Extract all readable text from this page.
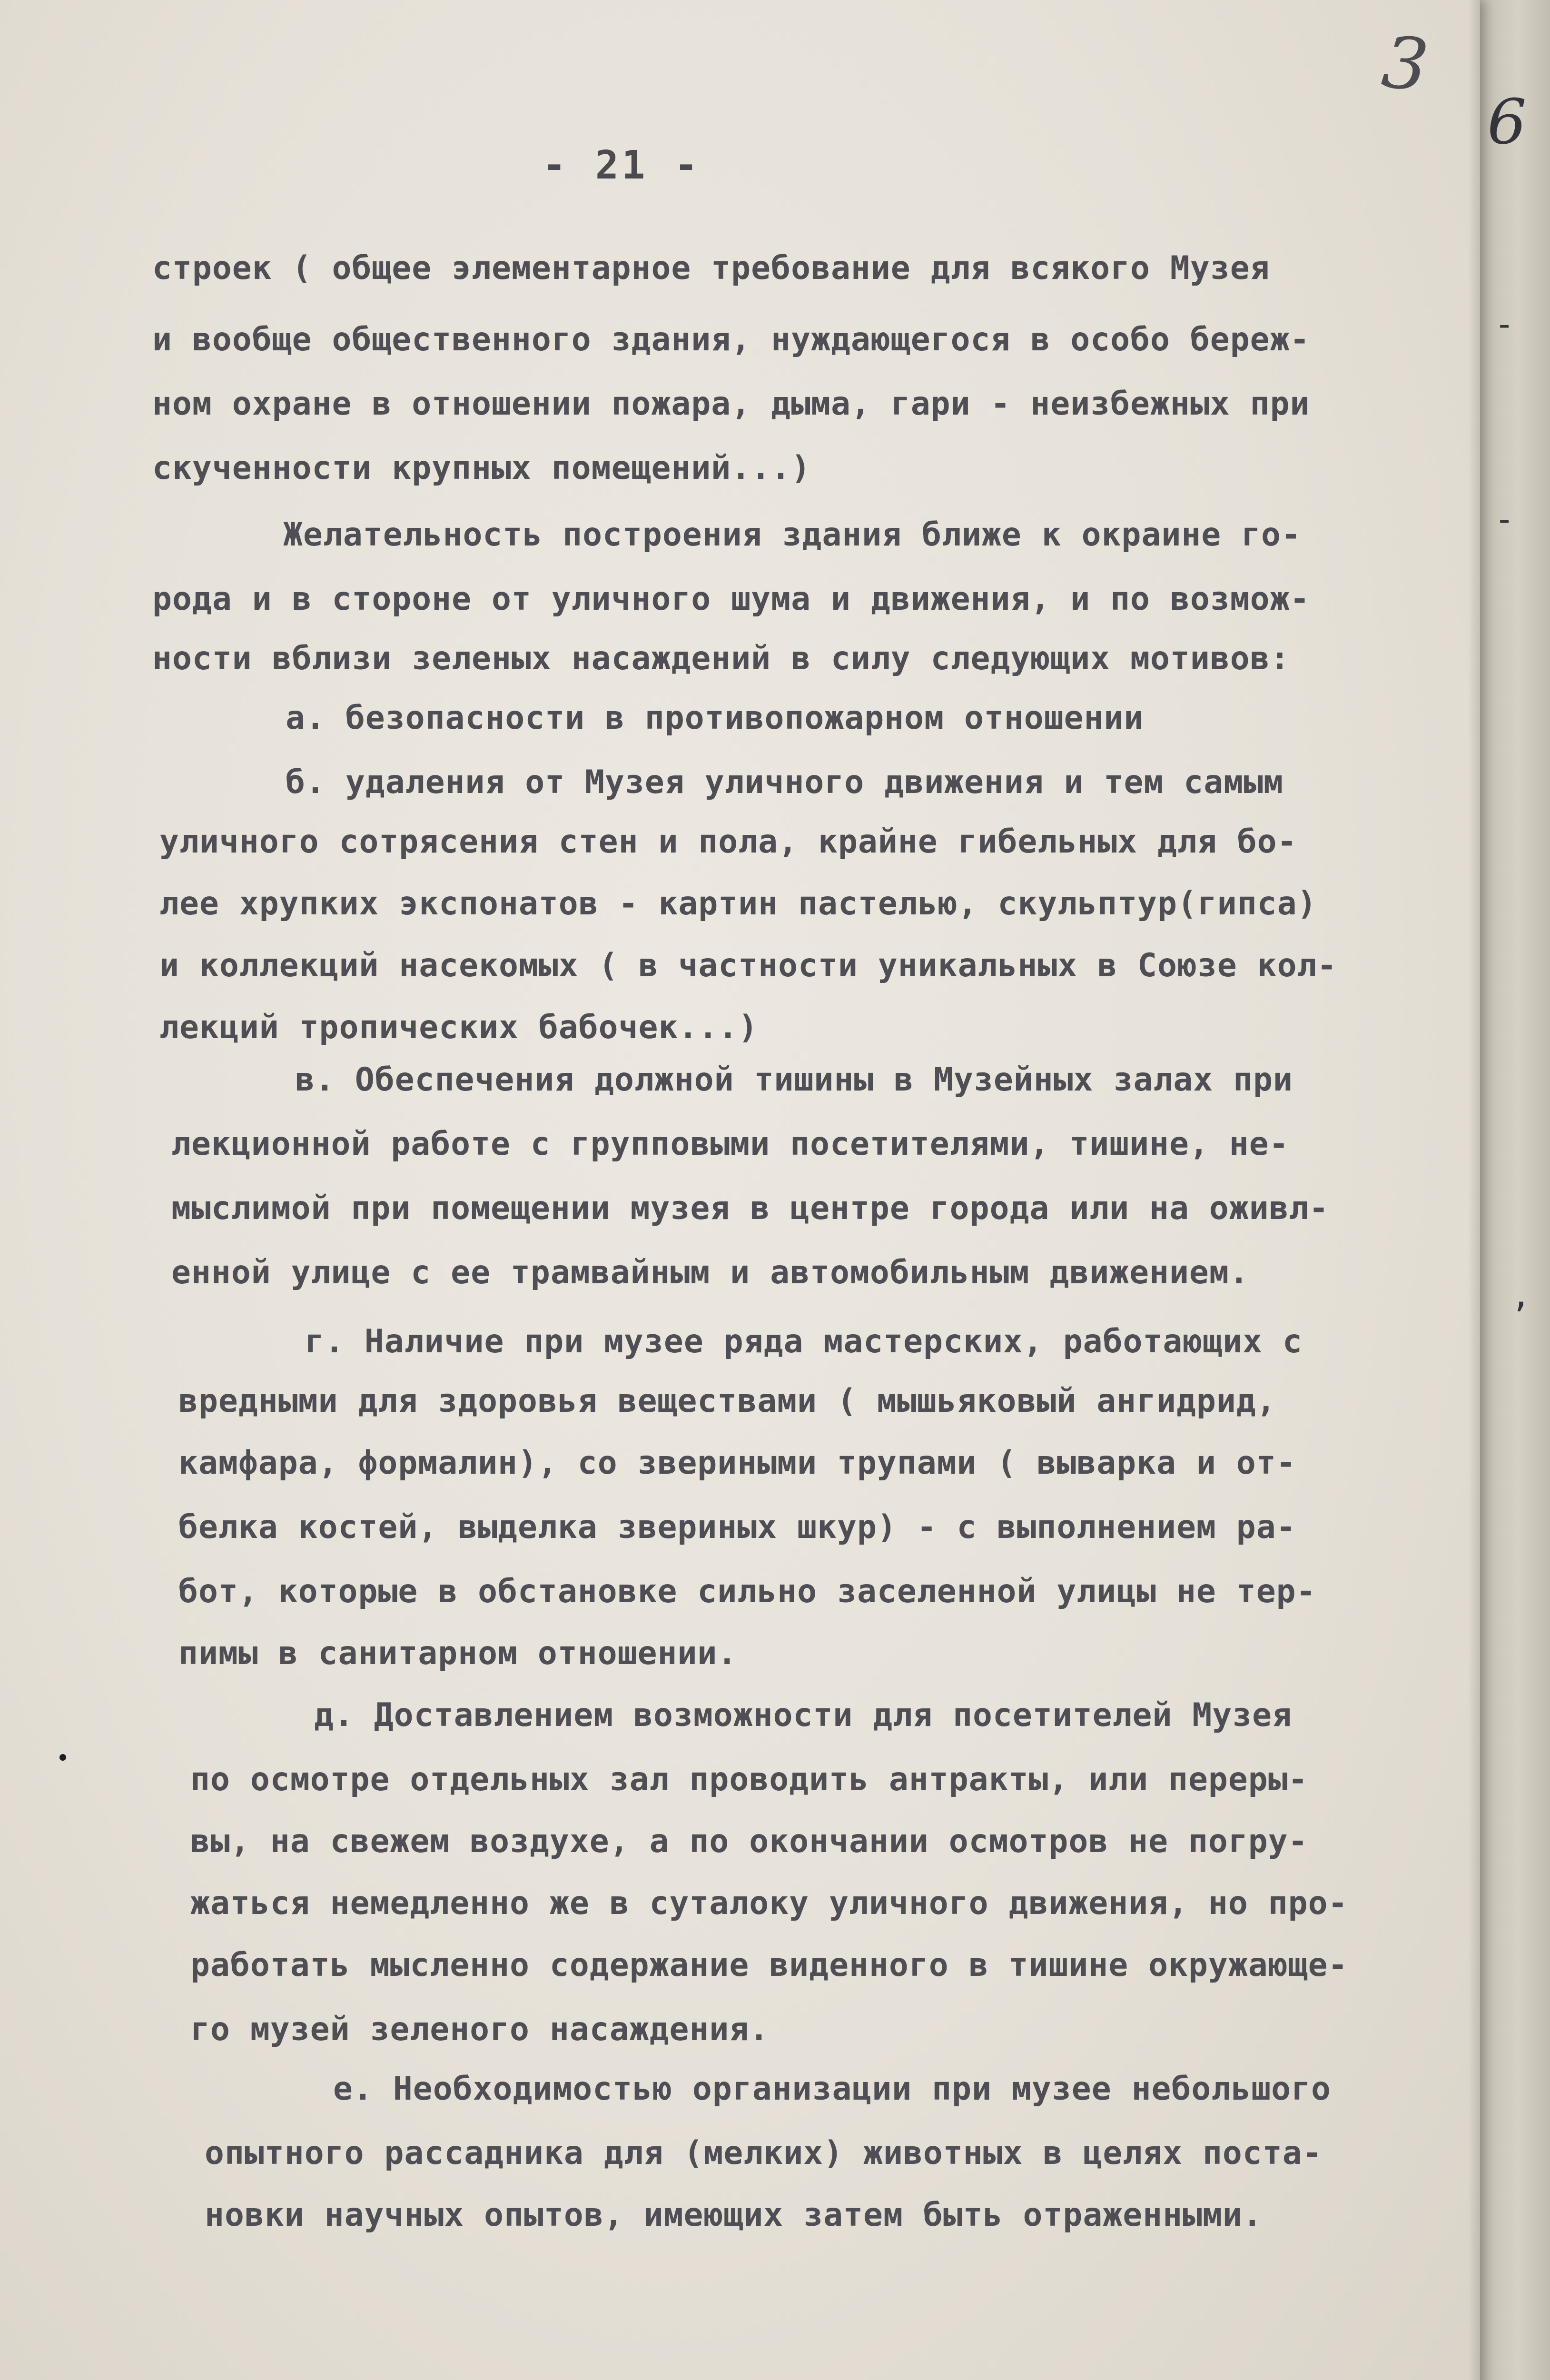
6
-
-
,
3
- 21 -
строек ( общее элементарное требование для всякого Музея
и вообще общественного здания, нуждающегося в особо береж-
ном охране в отношении пожара, дыма, гари - неизбежных при
скученности крупных помещений...)
Желательность построения здания ближе к окраине го-
рода и в стороне от уличного шума и движения, и по возмож-
ности вблизи зеленых насаждений в силу следующих мотивов:
а. безопасности в противопожарном отношении
б. удаления от Музея уличного движения и тем самым
уличного сотрясения стен и пола, крайне гибельных для бо-
лее хрупких экспонатов - картин пастелью, скульптур(гипса)
и коллекций насекомых ( в частности уникальных в Союзе кол-
лекций тропических бабочек...)
в. Обеспечения должной тишины в Музейных залах при
лекционной работе с групповыми посетителями, тишине, не-
мыслимой при помещении музея в центре города или на оживл-
енной улице с ее трамвайным и автомобильным движением.
г. Наличие при музее ряда мастерских, работающих с
вредными для здоровья веществами ( мышьяковый ангидрид,
камфара, формалин), со звериными трупами ( выварка и от-
белка костей, выделка звериных шкур) - с выполнением ра-
бот, которые в обстановке сильно заселенной улицы не тер-
пимы в санитарном отношении.
д. Доставлением возможности для посетителей Музея
по осмотре отдельных зал проводить антракты, или переры-
вы, на свежем воздухе, а по окончании осмотров не погру-
жаться немедленно же в суталоку уличного движения, но про-
работать мысленно содержание виденного в тишине окружающе-
го музей зеленого насаждения.
е. Необходимостью организации при музее небольшого
опытного рассадника для (мелких) животных в целях поста-
новки научных опытов, имеющих затем быть отраженными.
